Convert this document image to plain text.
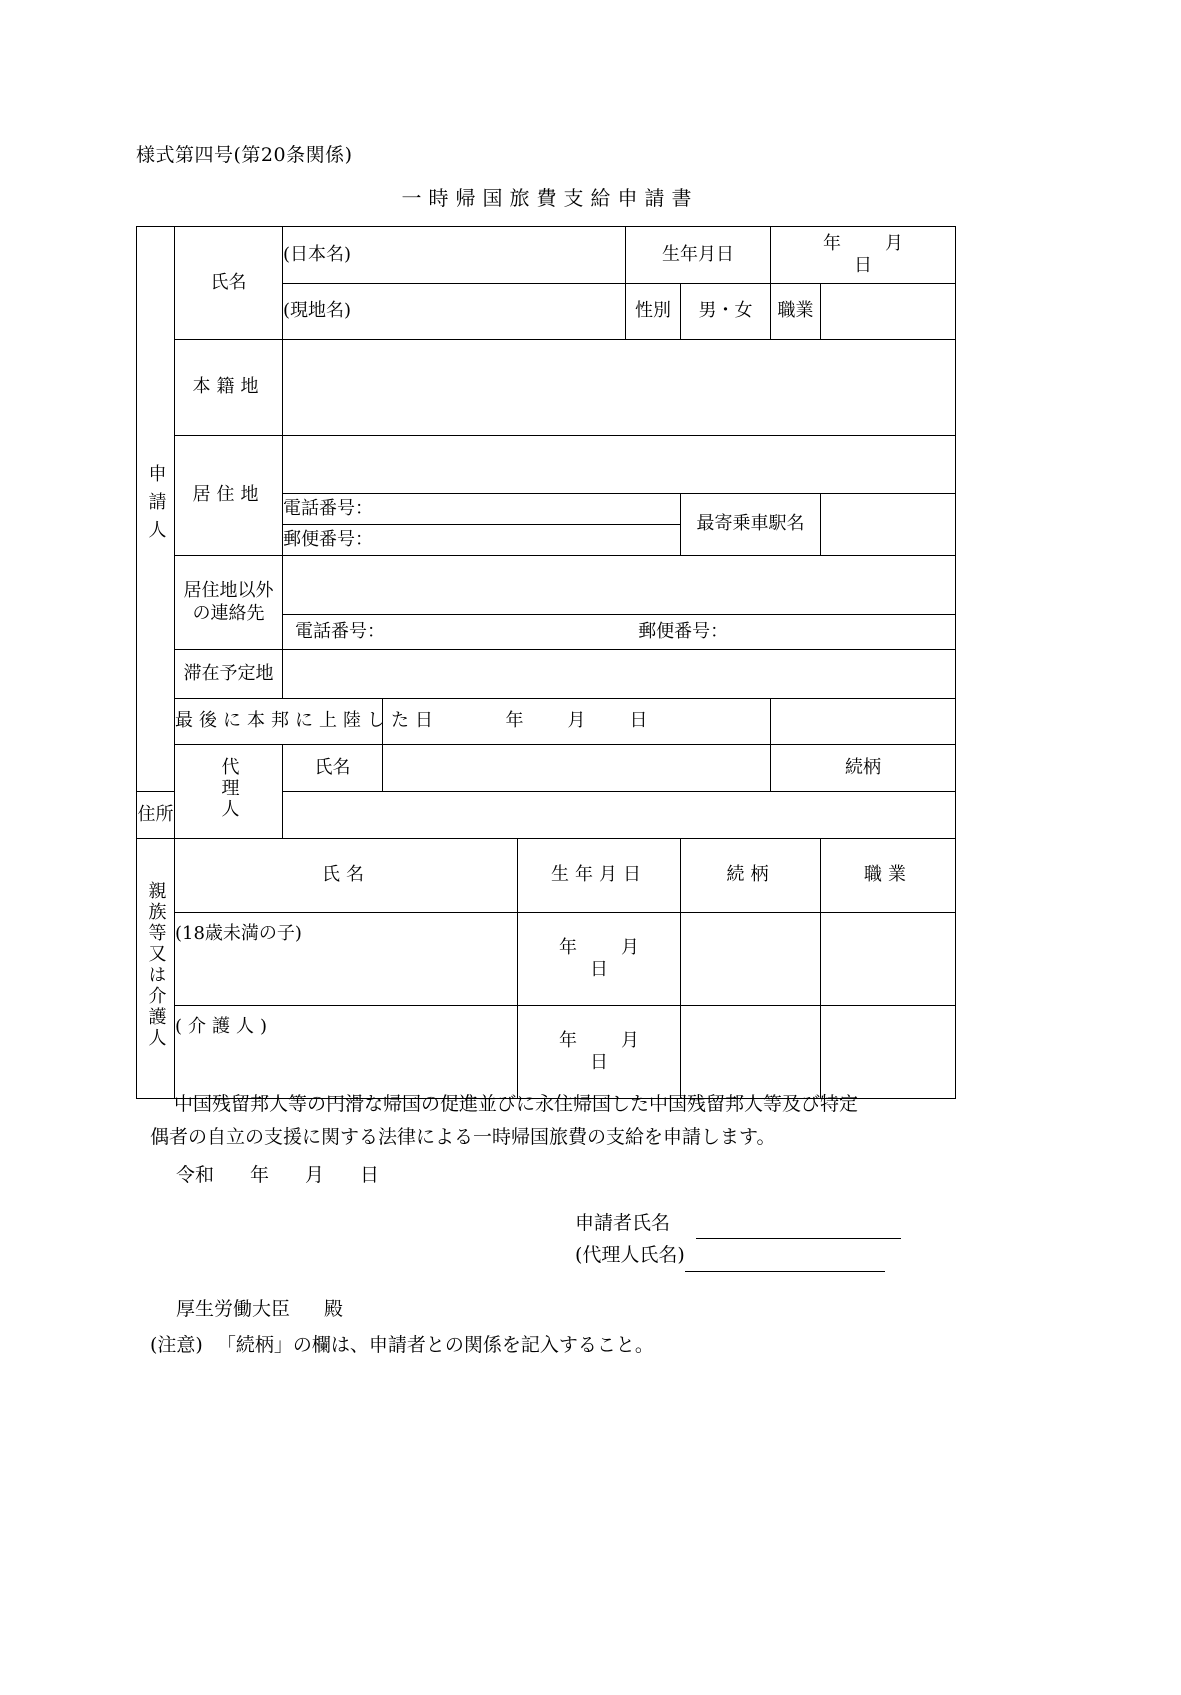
様式第四号(第20条関係)
一時帰国旅費支給申請書
申請人	氏名	(日本名)	生年月日	年 月日
(現地名)	性別	男・女	職業	
本籍地	
居住地	
電話番号：	最寄乗車駅名	
郵便番号：

居住地以外
の連絡先

電話番号：	郵便番号：

滞在予定地	
最後に本邦に上陸した日	年 月 日	
代理人	氏名		続柄	
住所	
親族等又は介護人	氏名	生年月日	続柄	職業
(18歳未満の子)	年 月日		
(介護人)	年 月日		

中国残留邦人等の円滑な帰国の促進並びに永住帰国した中国残留邦人等及び特定

偶者の自立の支援に関する法律による一時帰国旅費の支給を申請します。

令和 年 月 日
申請者氏名
(代理人氏名)
厚生労働大臣 殿
(注意) 「続柄」の欄は、申請者との関係を記入すること。
